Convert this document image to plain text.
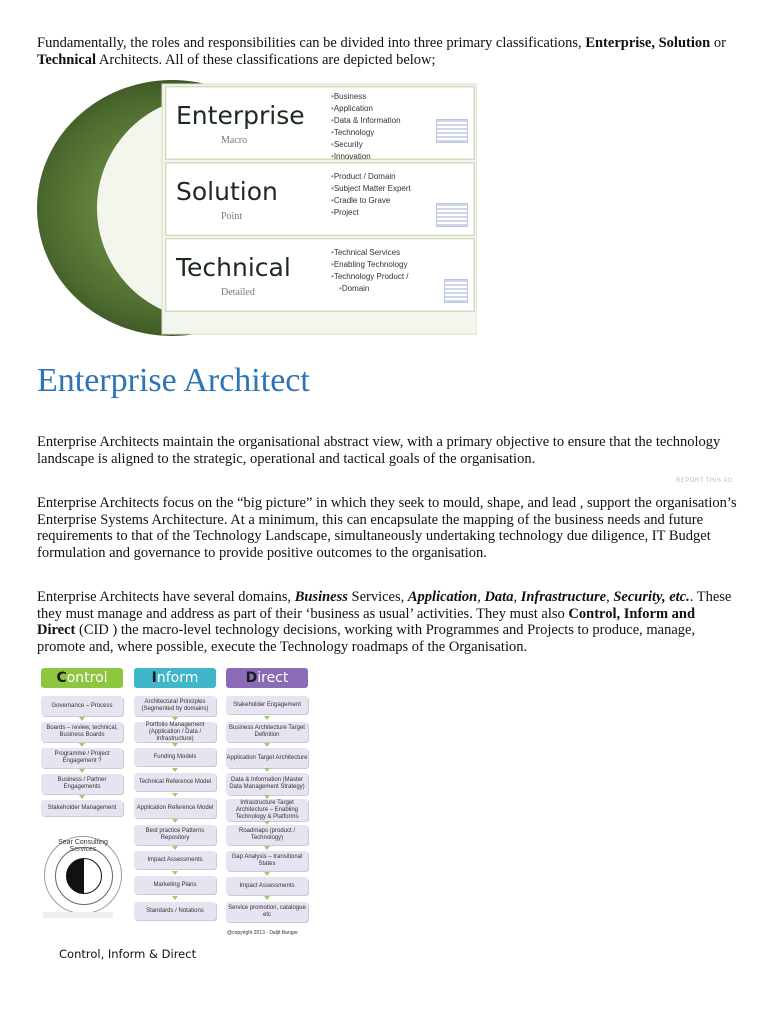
Fundamentally, the roles and responsibilities can be divided into three primary classifications, Enterprise, Solution or Technical Architects. All of these classifications are depicted below;

Enterprise
Macro
• Business
• Application
• Data & Information
• Technology
• Security
• Innovation
Solution
Point
• Product / Domain
• Subject Matter Expert
• Cradle to Grave
• Project
Technical
Detailed
• Technical Services
• Enabling Technology
• Technology Product /
• Domain
Enterprise Architect

Enterprise Architects maintain the organisational abstract view, with a primary objective to ensure that the technology landscape is aligned to the strategic, operational and tactical goals of the organisation.

REPORT THIS AD

Enterprise Architects focus on the “big picture” in which they seek to mould, shape, and lead , support the organisation’s Enterprise Systems Architecture. At a minimum, this can encapsulate the mapping of the business needs and future requirements to that of the Technology Landscape, simultaneously undertaking technology due diligence, IT Budget formulation and governance to provide positive outcomes to the organisation.

Enterprise Architects have several domains, Business Services, Application, Data, Infrastructure, Security, etc.. These they must manage and address as part of their ‘business as usual’ activities. They must also Control, Inform and Direct (CID ) the macro-level technology decisions, working with Programmes and Projects to produce, manage, promote and, where possible, execute the Technology roadmaps of the Organisation.

C ontrol	I nform	D irect
Governance – Process
Boards – review, technical, Business Boards
Programme / Project Engagement ?
Business / Partner Engagements
Stakeholder Management
Architectural Principles (Segmented by domains)
Portfolio Management (Application / Data / Infrastructure)
Funding Models
Technical Reference Model
Application Reference Model
Best practice Patterns Repository
Impact Assessments
Marketing Plans
Standards / Notations
Stakeholder Engagement
Business Architecture Target Definition
Application Target Architecture
Data & Information (Master Data Management Strategy)
Infrastructure Target Architecture – Enabling Technology & Platforms
Roadmaps (product / Technology)
Gap Analysis – transitional States
Impact Assessments
Service promotion, catalogue etc
Sear Consulting Services
@copyright 2013 - Daljit Banger
Control, Inform & Direct
